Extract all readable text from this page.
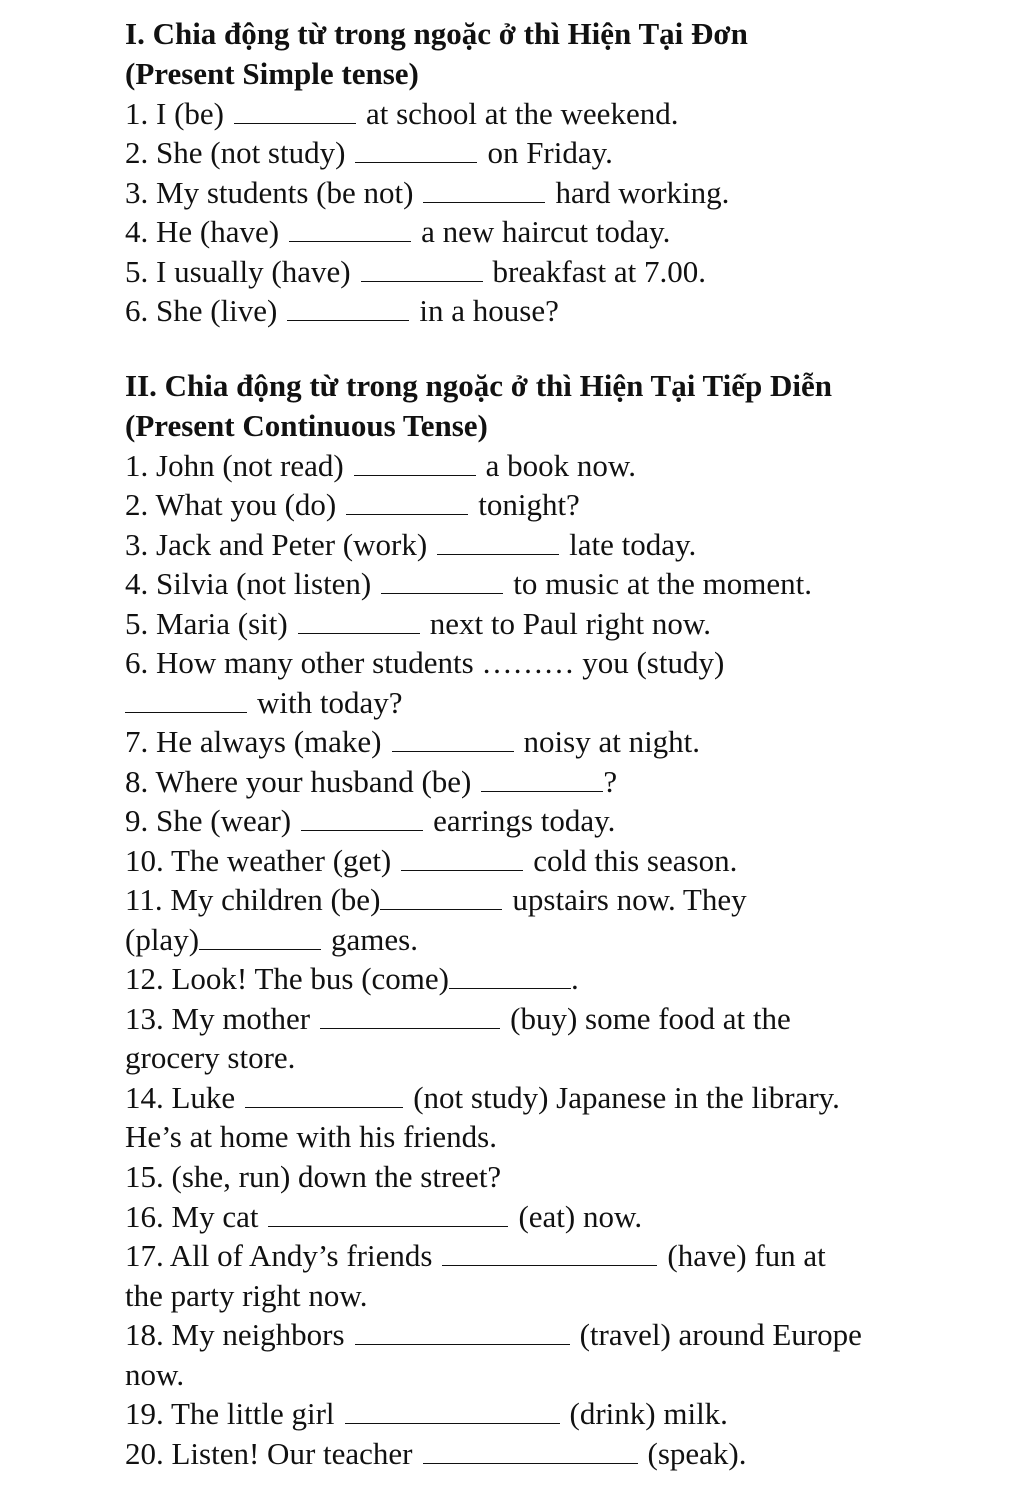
I. Chia động từ trong ngoặc ở thì Hiện Tại Đơn
(Present Simple tense)
1. I (be)	at school at the weekend.
2. She (not study)	on Friday.
3. My students (be not)	hard working.
4. He (have)	a new haircut today.
5. I usually (have)	breakfast at 7.00.
6. She (live)	in a house?
II. Chia động từ trong ngoặc ở thì Hiện Tại Tiếp Diễn
(Present Continuous Tense)
1. John (not read)	a book now.
2. What you (do)	tonight?
3. Jack and Peter (work)	late today.
4. Silvia (not listen)	to music at the moment.
5. Maria (sit)	next to Paul right now.
6. How many other students ……… you (study)
with today?
7. He always (make)	noisy at night.
8. Where your husband (be)	?
9. She (wear)	earrings today.
10. The weather (get)	cold this season.
11. My children (be)	upstairs now. They
(play)	games.
12. Look! The bus (come)	.
13. My mother	(buy) some food at the
grocery store.
14. Luke	(not study) Japanese in the library.
He’s at home with his friends.
15. (she, run) down the street?
16. My cat	(eat) now.
17. All of Andy’s friends	(have) fun at
the party right now.
18. My neighbors	(travel) around Europe
now.
19. The little girl	(drink) milk.
20. Listen! Our teacher	(speak).
